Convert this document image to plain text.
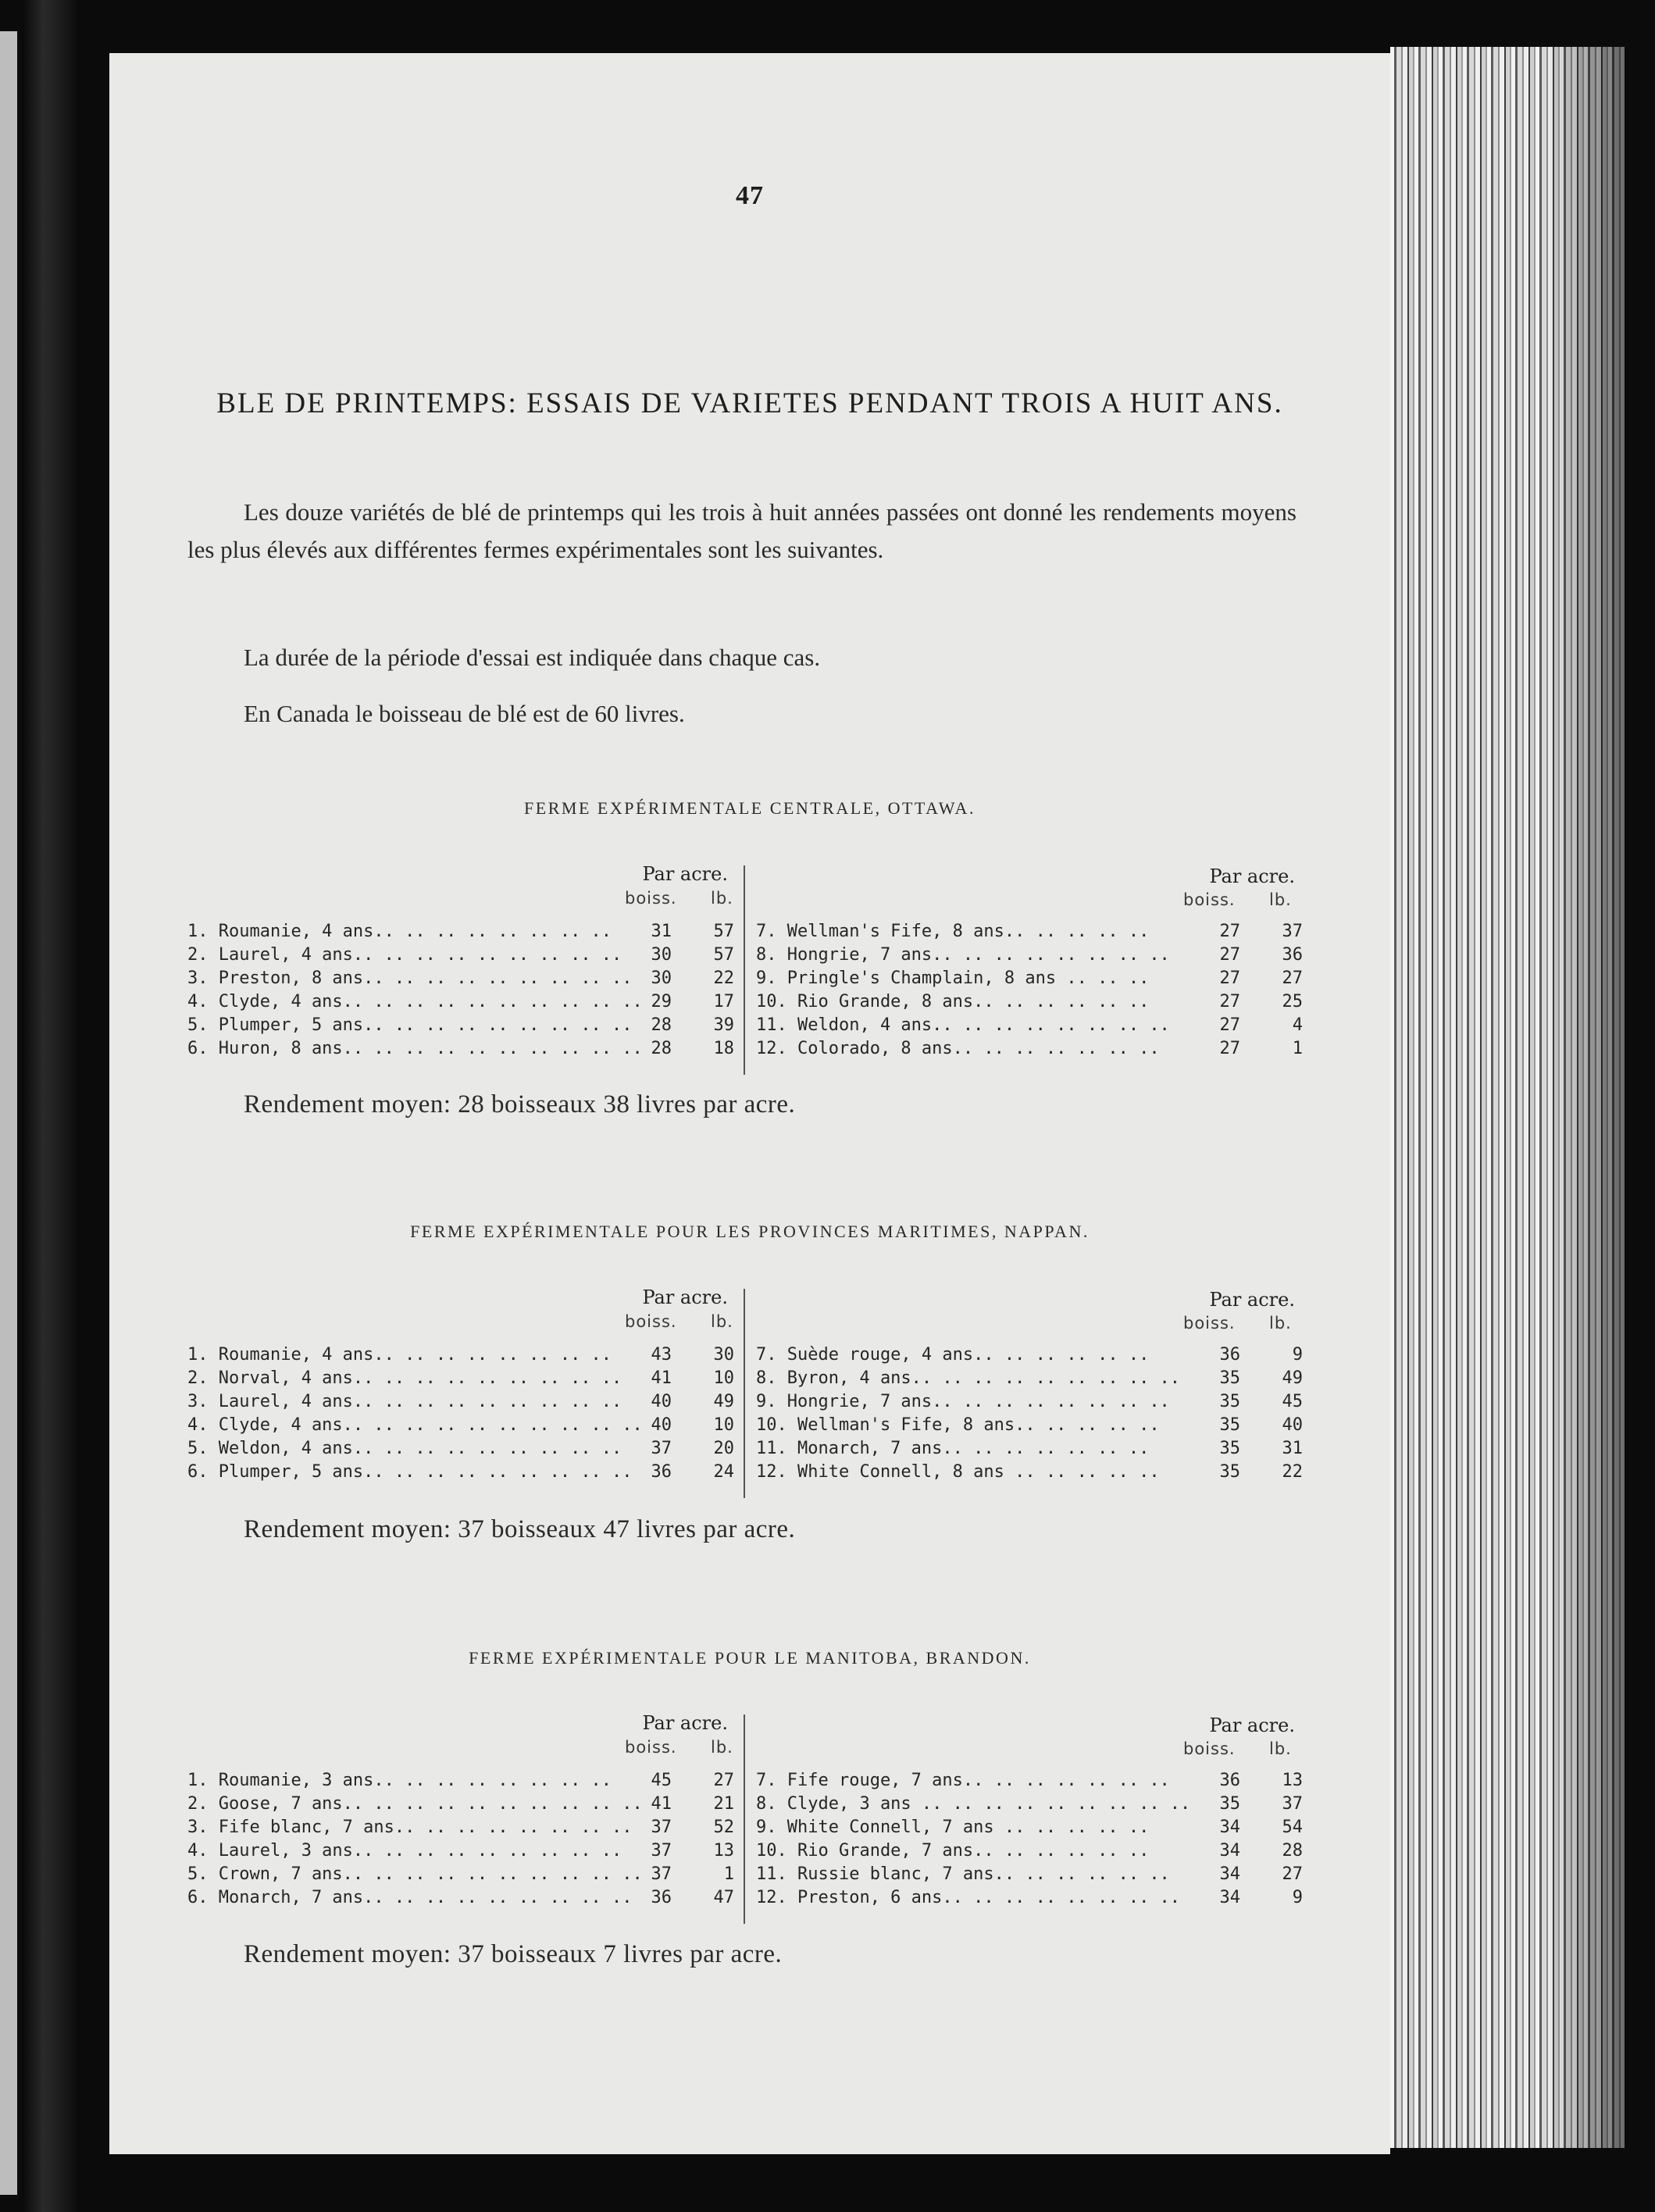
47
BLE DE PRINTEMPS: ESSAIS DE VARIETES PENDANT TROIS A HUIT ANS.
Les douze variétés de blé de printemps qui les trois à huit années passées ont donné les rendements moyens les plus élevés aux différentes fermes expérimentales sont les suivantes.
La durée de la période d'essai est indiquée dans chaque cas.
En Canada le boisseau de blé est de 60 livres.
FERME EXPÉRIMENTALE CENTRALE, OTTAWA.
Par acre.
boiss. lb.
Par acre.
boiss. lb.
1. Roumanie, 4 ans.. .. .. .. .. .. .. ..	31	57
2. Laurel, 4 ans.. .. .. .. .. .. .. .. ..	30	57
3. Preston, 8 ans.. .. .. .. .. .. .. .. ..	30	22
4. Clyde, 4 ans.. .. .. .. .. .. .. .. .. .. 29	17
5. Plumper, 5 ans.. .. .. .. .. .. .. .. ..	28	39
6. Huron, 8 ans.. .. .. .. .. .. .. .. .. .. 28	18
7. Wellman's Fife, 8 ans.. .. .. .. ..	27	37
8. Hongrie, 7 ans.. .. .. .. .. .. .. ..	27	36
9. Pringle's Champlain, 8 ans .. .. ..	27	27
10. Rio Grande, 8 ans.. .. .. .. .. ..	27	25
11. Weldon, 4 ans.. .. .. .. .. .. .. ..	27	4
12. Colorado, 8 ans.. .. .. .. .. .. ..	27	1
Rendement moyen: 28 boisseaux 38 livres par acre.
FERME EXPÉRIMENTALE POUR LES PROVINCES MARITIMES, NAPPAN.
Par acre.
boiss. lb.
Par acre.
boiss. lb.
1. Roumanie, 4 ans.. .. .. .. .. .. .. ..	43	30
2. Norval, 4 ans.. .. .. .. .. .. .. .. ..	41	10
3. Laurel, 4 ans.. .. .. .. .. .. .. .. ..	40	49
4. Clyde, 4 ans.. .. .. .. .. .. .. .. .. .. 40	10
5. Weldon, 4 ans.. .. .. .. .. .. .. .. ..	37	20
6. Plumper, 5 ans.. .. .. .. .. .. .. .. ..	36	24
7. Suède rouge, 4 ans.. .. .. .. .. ..	36	9
8. Byron, 4 ans.. .. .. .. .. .. .. .. ..	35	49
9. Hongrie, 7 ans.. .. .. .. .. .. .. ..	35	45
10. Wellman's Fife, 8 ans.. .. .. .. ..	35	40
11. Monarch, 7 ans.. .. .. .. .. .. ..	35	31
12. White Connell, 8 ans .. .. .. .. ..	35	22
Rendement moyen: 37 boisseaux 47 livres par acre.
FERME EXPÉRIMENTALE POUR LE MANITOBA, BRANDON.
Par acre.
boiss. lb.
Par acre.
boiss. lb.
1. Roumanie, 3 ans.. .. .. .. .. .. .. ..	45	27
2. Goose, 7 ans.. .. .. .. .. .. .. .. .. .. 41	21
3. Fife blanc, 7 ans.. .. .. .. .. .. .. ..	37	52
4. Laurel, 3 ans.. .. .. .. .. .. .. .. ..	37	13
5. Crown, 7 ans.. .. .. .. .. .. .. .. .. .. 37	1
6. Monarch, 7 ans.. .. .. .. .. .. .. .. ..	36	47
7. Fife rouge, 7 ans.. .. .. .. .. .. ..	36	13
8. Clyde, 3 ans .. .. .. .. .. .. .. .. ..	35	37
9. White Connell, 7 ans .. .. .. .. ..	34	54
10. Rio Grande, 7 ans.. .. .. .. .. ..	34	28
11. Russie blanc, 7 ans.. .. .. .. .. ..	34	27
12. Preston, 6 ans.. .. .. .. .. .. .. ..	34	9
Rendement moyen: 37 boisseaux 7 livres par acre.
